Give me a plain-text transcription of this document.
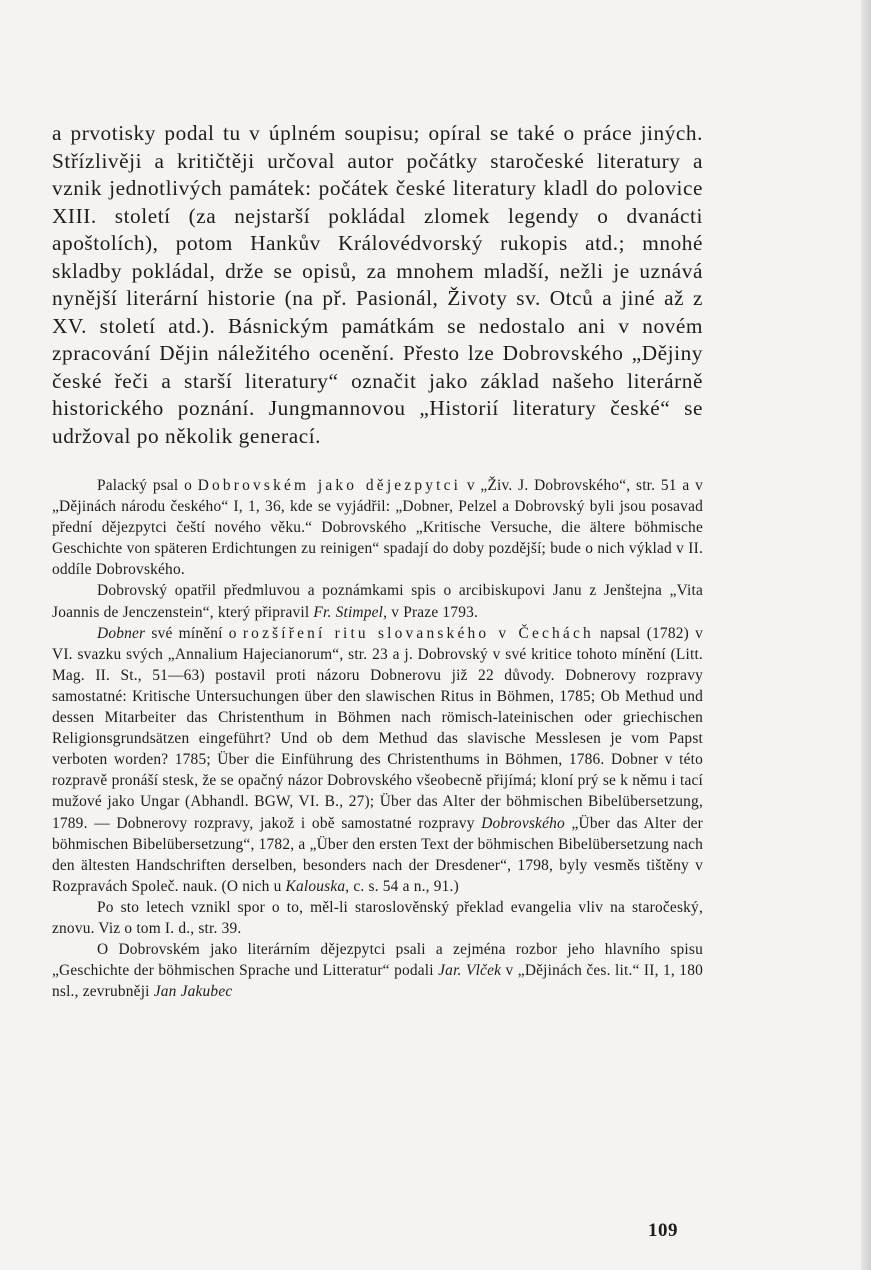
a prvotisky podal tu v úplném soupisu; opíral se také o práce jiných. Střízlivěji a kritičtěji určoval autor počátky staročeské literatury a vznik jednotlivých památek: počátek české literatury kladl do polovice XIII. století (za nejstarší pokládal zlomek legendy o dvanácti apoštolích), potom Hankův Královédvorský rukopis atd.; mnohé skladby pokládal, drže se opisů, za mnohem mladší, nežli je uznává nynější literární historie (na př. Pasionál, Životy sv. Otců a jiné až z XV. století atd.). Básnickým památkám se nedostalo ani v novém zpracování Dějin náležitého ocenění. Přesto lze Dobrovského „Dějiny české řeči a starší literatury“ označit jako základ našeho literárně historického poznání. Jungmannovou „Historií literatury české“ se udržoval po několik generací.

Palacký psal o Dobrovském jako dějezpytci v „Živ. J. Dobrovského“, str. 51 a v „Dějinách národu českého“ I, 1, 36, kde se vyjádřil: „Dobner, Pelzel a Dobrovský byli jsou posavad přední dějezpytci čeští nového věku.“ Dobrovského „Kritische Versuche, die ältere böhmische Geschichte von späteren Erdichtungen zu reinigen“ spadají do doby pozdější; bude o nich výklad v II. oddíle Dobrovského.

Dobrovský opatřil předmluvou a poznámkami spis o arcibiskupovi Janu z Jenštejna „Vita Joannis de Jenczenstein“, který připravil Fr. Stimpel, v Praze 1793.

Dobner své mínění o rozšíření ritu slovanského v Čechách napsal (1782) v VI. svazku svých „Annalium Hajecianorum“, str. 23 a j. Dobrovský v své kritice tohoto mínění (Litt. Mag. II. St., 51—63) postavil proti názoru Dobnerovu již 22 důvody. Dobnerovy rozpravy samostatné: Kritische Untersuchungen über den slawischen Ritus in Böhmen, 1785; Ob Methud und dessen Mitarbeiter das Christenthum in Böhmen nach römisch-lateinischen oder griechischen Religionsgrundsätzen eingeführt? Und ob dem Methud das slavische Messlesen je vom Papst verboten worden? 1785; Über die Einführung des Christenthums in Böhmen, 1786. Dobner v této rozpravě pronáší stesk, že se opačný názor Dobrovského všeobecně přijímá; kloní prý se k němu i tací mužové jako Ungar (Abhandl. BGW, VI. B., 27); Über das Alter der böhmischen Bibelübersetzung, 1789. — Dobnerovy rozpravy, jakož i obě samostatné rozpravy Dobrovského „Über das Alter der böhmischen Bibelübersetzung“, 1782, a „Über den ersten Text der böhmischen Bibelübersetzung nach den ältesten Handschriften derselben, besonders nach der Dresdener“, 1798, byly vesměs tištěny v Rozpravách Společ. nauk. (O nich u Kalouska, c. s. 54 a n., 91.)

Po sto letech vznikl spor o to, měl-li staroslověnský překlad evangelia vliv na staročeský, znovu. Viz o tom I. d., str. 39.

O Dobrovském jako literárním dějezpytci psali a zejména rozbor jeho hlavního spisu „Geschichte der böhmischen Sprache und Litteratur“ podali Jar. Vlček v „Dějinách čes. lit.“ II, 1, 180 nsl., zevrubněji Jan Jakubec

109
